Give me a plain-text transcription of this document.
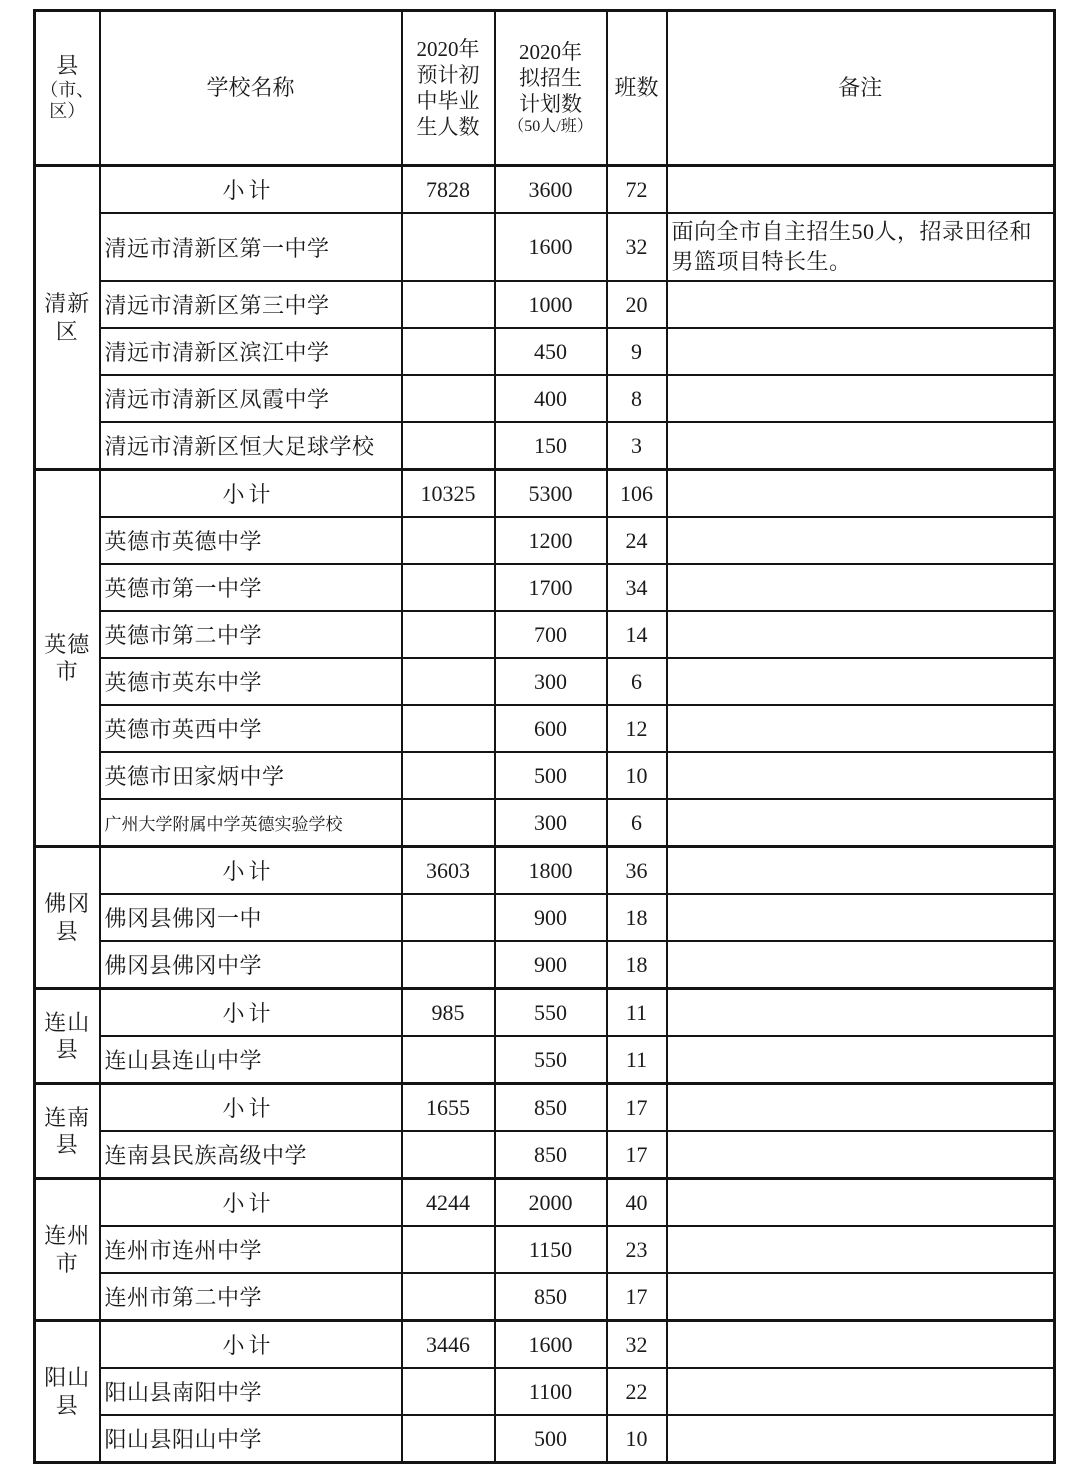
县
（市、
区）	学校名称	2020年
预计初
中毕业
生人数	2020年
拟招生
计划数
（50人/班）	班数	备注

清新区	小计	7828	3600	72	
	清远市清新区第一中学		1600	32	面向全市自主招生50人，招录田径和男篮项目特长生。
	清远市清新区第三中学		1000	20	
	清远市清新区滨江中学		450	9	
	清远市清新区凤霞中学		400	8	
	清远市清新区恒大足球学校		150	3	
英德市	小计	10325	5300	106	
	英德市英德中学		1200	24	
	英德市第一中学		1700	34	
	英德市第二中学		700	14	
	英德市英东中学		300	6	
	英德市英西中学		600	12	
	英德市田家炳中学		500	10	
	广州大学附属中学英德实验学校		300	6	
佛冈县	小计	3603	1800	36	
	佛冈县佛冈一中		900	18	
	佛冈县佛冈中学		900	18	
连山县	小计	985	550	11	
	连山县连山中学		550	11	
连南县	小计	1655	850	17	
	连南县民族高级中学		850	17	
连州市	小计	4244	2000	40	
	连州市连州中学		1150	23	
	连州市第二中学		850	17	
阳山县	小计	3446	1600	32	
	阳山县南阳中学		1100	22	
	阳山县阳山中学		500	10	
